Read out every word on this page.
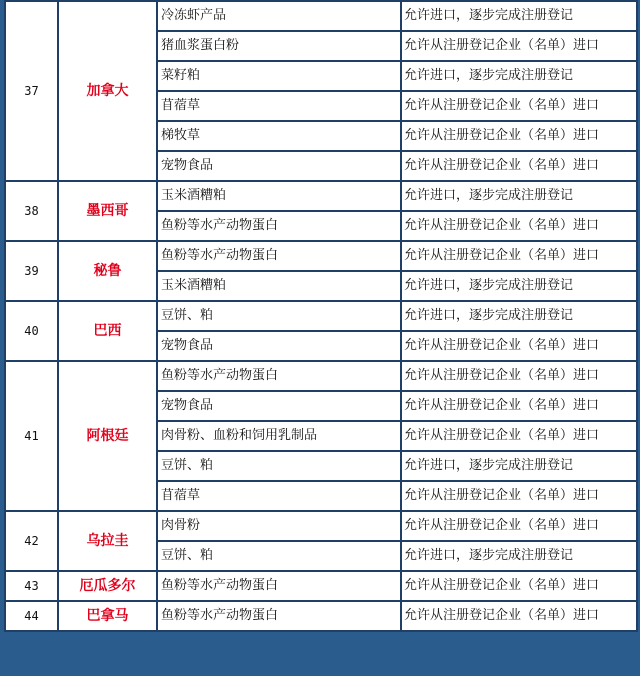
37	加拿大	冷冻虾产品	允许进口，逐步完成注册登记
		猪血浆蛋白粉	允许从注册登记企业（名单）进口
		菜籽粕	允许进口，逐步完成注册登记
		苜蓿草	允许从注册登记企业（名单）进口
		梯牧草	允许从注册登记企业（名单）进口
		宠物食品	允许从注册登记企业（名单）进口
38	墨西哥	玉米酒糟粕	允许进口，逐步完成注册登记
		鱼粉等水产动物蛋白	允许从注册登记企业（名单）进口
39	秘鲁	鱼粉等水产动物蛋白	允许从注册登记企业（名单）进口
		玉米酒糟粕	允许进口，逐步完成注册登记
40	巴西	豆饼、粕	允许进口，逐步完成注册登记
		宠物食品	允许从注册登记企业（名单）进口
41	阿根廷	鱼粉等水产动物蛋白	允许从注册登记企业（名单）进口
		宠物食品	允许从注册登记企业（名单）进口
		肉骨粉、血粉和饲用乳制品	允许从注册登记企业（名单）进口
		豆饼、粕	允许进口，逐步完成注册登记
		苜蓿草	允许从注册登记企业（名单）进口
42	乌拉圭	肉骨粉	允许从注册登记企业（名单）进口
		豆饼、粕	允许进口，逐步完成注册登记
43	厄瓜多尔	鱼粉等水产动物蛋白	允许从注册登记企业（名单）进口
44	巴拿马	鱼粉等水产动物蛋白	允许从注册登记企业（名单）进口
